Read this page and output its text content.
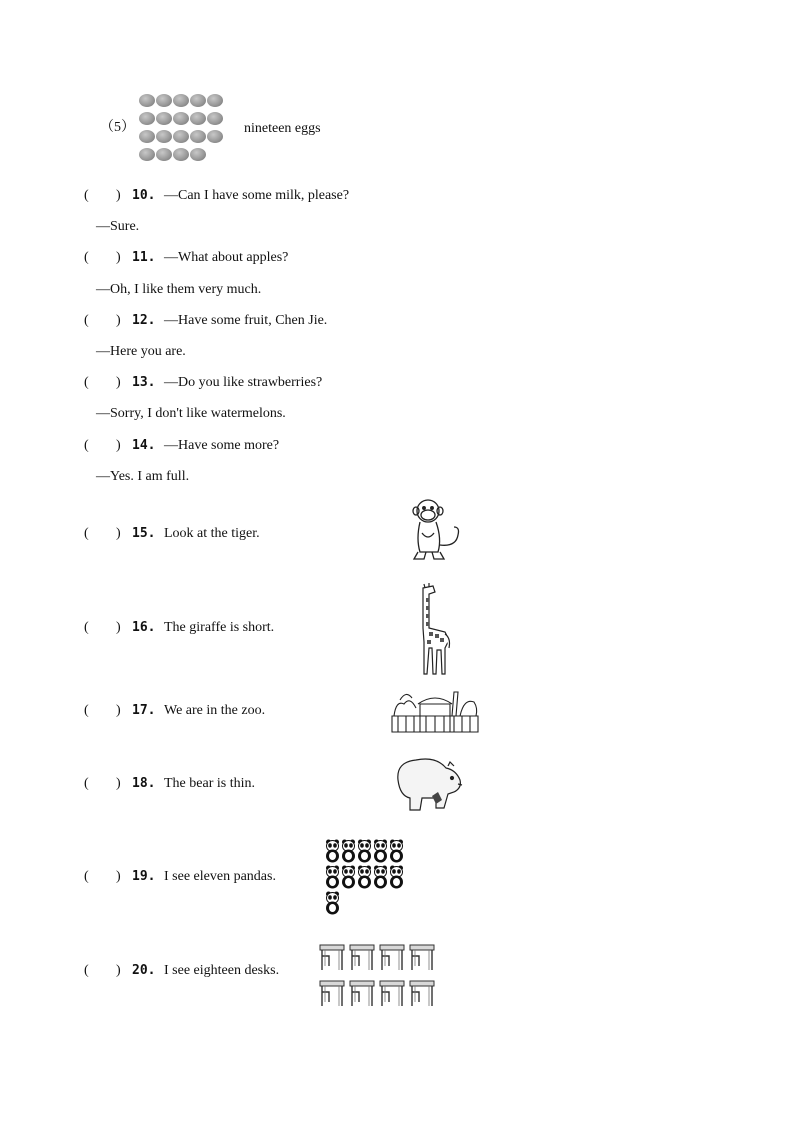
（5）	nineteen eggs
( ) 10. —Can I have some milk, please?
—Sure.
( ) 11. —What about apples?
—Oh, I like them very much.
( ) 12. —Have some fruit, Chen Jie.
—Here you are.
( ) 13. —Do you like strawberries?
—Sorry, I don't like watermelons.
( ) 14. —Have some more?
—Yes. I am full.
( ) 15. Look at the tiger.
( ) 16. The giraffe is short.
( ) 17. We are in the zoo.
( ) 18. The bear is thin.
( ) 19. I see eleven pandas.
( ) 20. I see eighteen desks.
